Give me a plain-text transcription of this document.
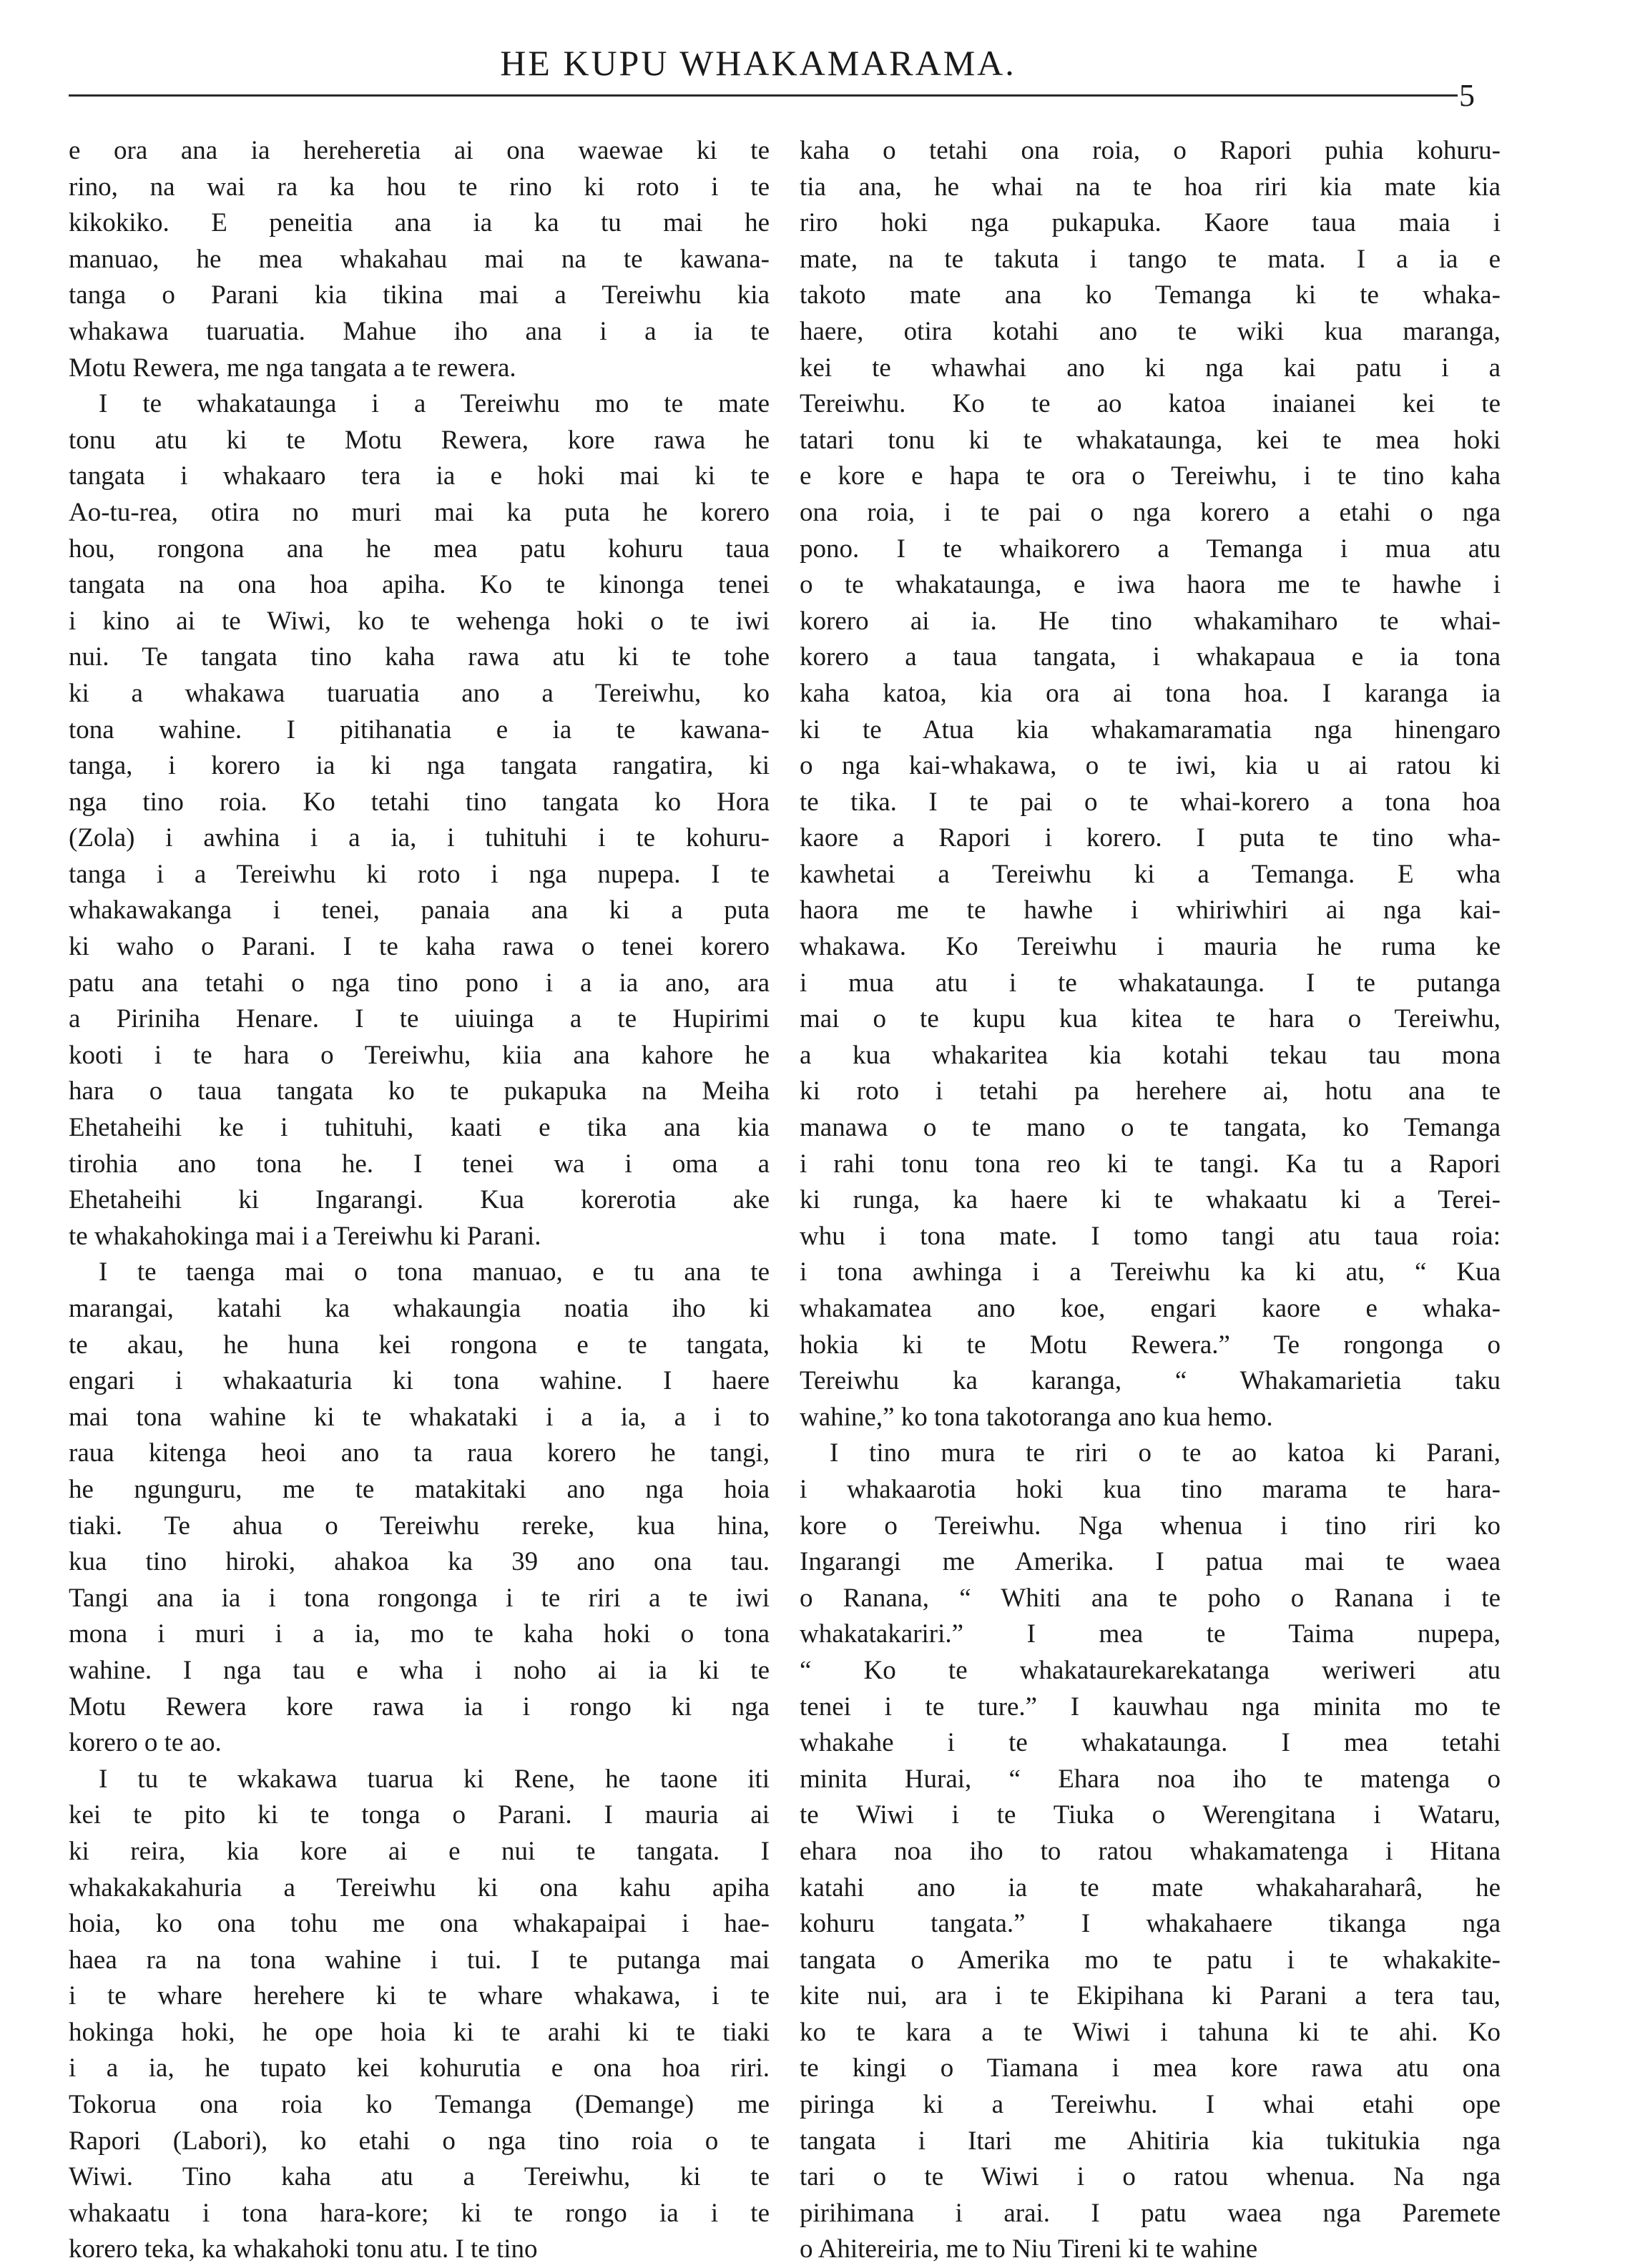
HE KUPU WHAKAMARAMA.
5
e ora ana ia hereheretia ai ona waewae ki te
rino, na wai ra ka hou te rino ki roto i te
kikokiko. E peneitia ana ia ka tu mai he
manuao, he mea whakahau mai na te kawana-
tanga o Parani kia tikina mai a Tereiwhu kia
whakawa tuaruatia. Mahue iho ana i a ia te
Motu Rewera, me nga tangata a te rewera.
I te whakataunga i a Tereiwhu mo te mate
tonu atu ki te Motu Rewera, kore rawa he
tangata i whakaaro tera ia e hoki mai ki te
Ao-tu-rea, otira no muri mai ka puta he korero
hou, rongona ana he mea patu kohuru taua
tangata na ona hoa apiha. Ko te kinonga tenei
i kino ai te Wiwi, ko te wehenga hoki o te iwi
nui. Te tangata tino kaha rawa atu ki te tohe
ki a whakawa tuaruatia ano a Tereiwhu, ko
tona wahine. I pitihanatia e ia te kawana-
tanga, i korero ia ki nga tangata rangatira, ki
nga tino roia. Ko tetahi tino tangata ko Hora
(Zola) i awhina i a ia, i tuhituhi i te kohuru-
tanga i a Tereiwhu ki roto i nga nupepa. I te
whakawakanga i tenei, panaia ana ki a puta
ki waho o Parani. I te kaha rawa o tenei korero
patu ana tetahi o nga tino pono i a ia ano, ara
a Piriniha Henare. I te uiuinga a te Hupirimi
kooti i te hara o Tereiwhu, kiia ana kahore he
hara o taua tangata ko te pukapuka na Meiha
Ehetaheihi ke i tuhituhi, kaati e tika ana kia
tirohia ano tona he. I tenei wa i oma a
Ehetaheihi ki Ingarangi. Kua korerotia ake
te whakahokinga mai i a Tereiwhu ki Parani.
I te taenga mai o tona manuao, e tu ana te
marangai, katahi ka whakaungia noatia iho ki
te akau, he huna kei rongona e te tangata,
engari i whakaaturia ki tona wahine. I haere
mai tona wahine ki te whakataki i a ia, a i to
raua kitenga heoi ano ta raua korero he tangi,
he ngunguru, me te matakitaki ano nga hoia
tiaki. Te ahua o Tereiwhu rereke, kua hina,
kua tino hiroki, ahakoa ka 39 ano ona tau.
Tangi ana ia i tona rongonga i te riri a te iwi
mona i muri i a ia, mo te kaha hoki o tona
wahine. I nga tau e wha i noho ai ia ki te
Motu Rewera kore rawa ia i rongo ki nga
korero o te ao.
I tu te wkakawa tuarua ki Rene, he taone iti
kei te pito ki te tonga o Parani. I mauria ai
ki reira, kia kore ai e nui te tangata. I
whakakakahuria a Tereiwhu ki ona kahu apiha
hoia, ko ona tohu me ona whakapaipai i hae-
haea ra na tona wahine i tui. I te putanga mai
i te whare herehere ki te whare whakawa, i te
hokinga hoki, he ope hoia ki te arahi ki te tiaki
i a ia, he tupato kei kohurutia e ona hoa riri.
Tokorua ona roia ko Temanga (Demange) me
Rapori (Labori), ko etahi o nga tino roia o te
Wiwi. Tino kaha atu a Tereiwhu, ki te
whakaatu i tona hara-kore; ki te rongo ia i te
korero teka, ka whakahoki tonu atu. I te tino
kaha o tetahi ona roia, o Rapori puhia kohuru-
tia ana, he whai na te hoa riri kia mate kia
riro hoki nga pukapuka. Kaore taua maia i
mate, na te takuta i tango te mata. I a ia e
takoto mate ana ko Temanga ki te whaka-
haere, otira kotahi ano te wiki kua maranga,
kei te whawhai ano ki nga kai patu i a
Tereiwhu. Ko te ao katoa inaianei kei te
tatari tonu ki te whakataunga, kei te mea hoki
e kore e hapa te ora o Tereiwhu, i te tino kaha
ona roia, i te pai o nga korero a etahi o nga
pono. I te whaikorero a Temanga i mua atu
o te whakataunga, e iwa haora me te hawhe i
korero ai ia. He tino whakamiharo te whai-
korero a taua tangata, i whakapaua e ia tona
kaha katoa, kia ora ai tona hoa. I karanga ia
ki te Atua kia whakamaramatia nga hinengaro
o nga kai-whakawa, o te iwi, kia u ai ratou ki
te tika. I te pai o te whai-korero a tona hoa
kaore a Rapori i korero. I puta te tino wha-
kawhetai a Tereiwhu ki a Temanga. E wha
haora me te hawhe i whiriwhiri ai nga kai-
whakawa. Ko Tereiwhu i mauria he ruma ke
i mua atu i te whakataunga. I te putanga
mai o te kupu kua kitea te hara o Tereiwhu,
a kua whakaritea kia kotahi tekau tau mona
ki roto i tetahi pa herehere ai, hotu ana te
manawa o te mano o te tangata, ko Temanga
i rahi tonu tona reo ki te tangi. Ka tu a Rapori
ki runga, ka haere ki te whakaatu ki a Terei-
whu i tona mate. I tomo tangi atu taua roia:
i tona awhinga i a Tereiwhu ka ki atu, “ Kua
whakamatea ano koe, engari kaore e whaka-
hokia ki te Motu Rewera.” Te rongonga o
Tereiwhu ka karanga, “ Whakamarietia taku
wahine,” ko tona takotoranga ano kua hemo.
I tino mura te riri o te ao katoa ki Parani,
i whakaarotia hoki kua tino marama te hara-
kore o Tereiwhu. Nga whenua i tino riri ko
Ingarangi me Amerika. I patua mai te waea
o Ranana, “ Whiti ana te poho o Ranana i te
whakatakariri.” I mea te Taima nupepa,
“ Ko te whakataurekarekatanga weriweri atu
tenei i te ture.” I kauwhau nga minita mo te
whakahe i te whakataunga. I mea tetahi
minita Hurai, “ Ehara noa iho te matenga o
te Wiwi i te Tiuka o Werengitana i Wataru,
ehara noa iho to ratou whakamatenga i Hitana
katahi ano ia te mate whakaharaharâ, he
kohuru tangata.” I whakahaere tikanga nga
tangata o Amerika mo te patu i te whakakite-
kite nui, ara i te Ekipihana ki Parani a tera tau,
ko te kara a te Wiwi i tahuna ki te ahi. Ko
te kingi o Tiamana i mea kore rawa atu ona
piringa ki a Tereiwhu. I whai etahi ope
tangata i Itari me Ahitiria kia tukitukia nga
tari o te Wiwi i o ratou whenua. Na nga
pirihimana i arai. I patu waea nga Paremete
o Ahitereiria, me to Niu Tireni ki te wahine
